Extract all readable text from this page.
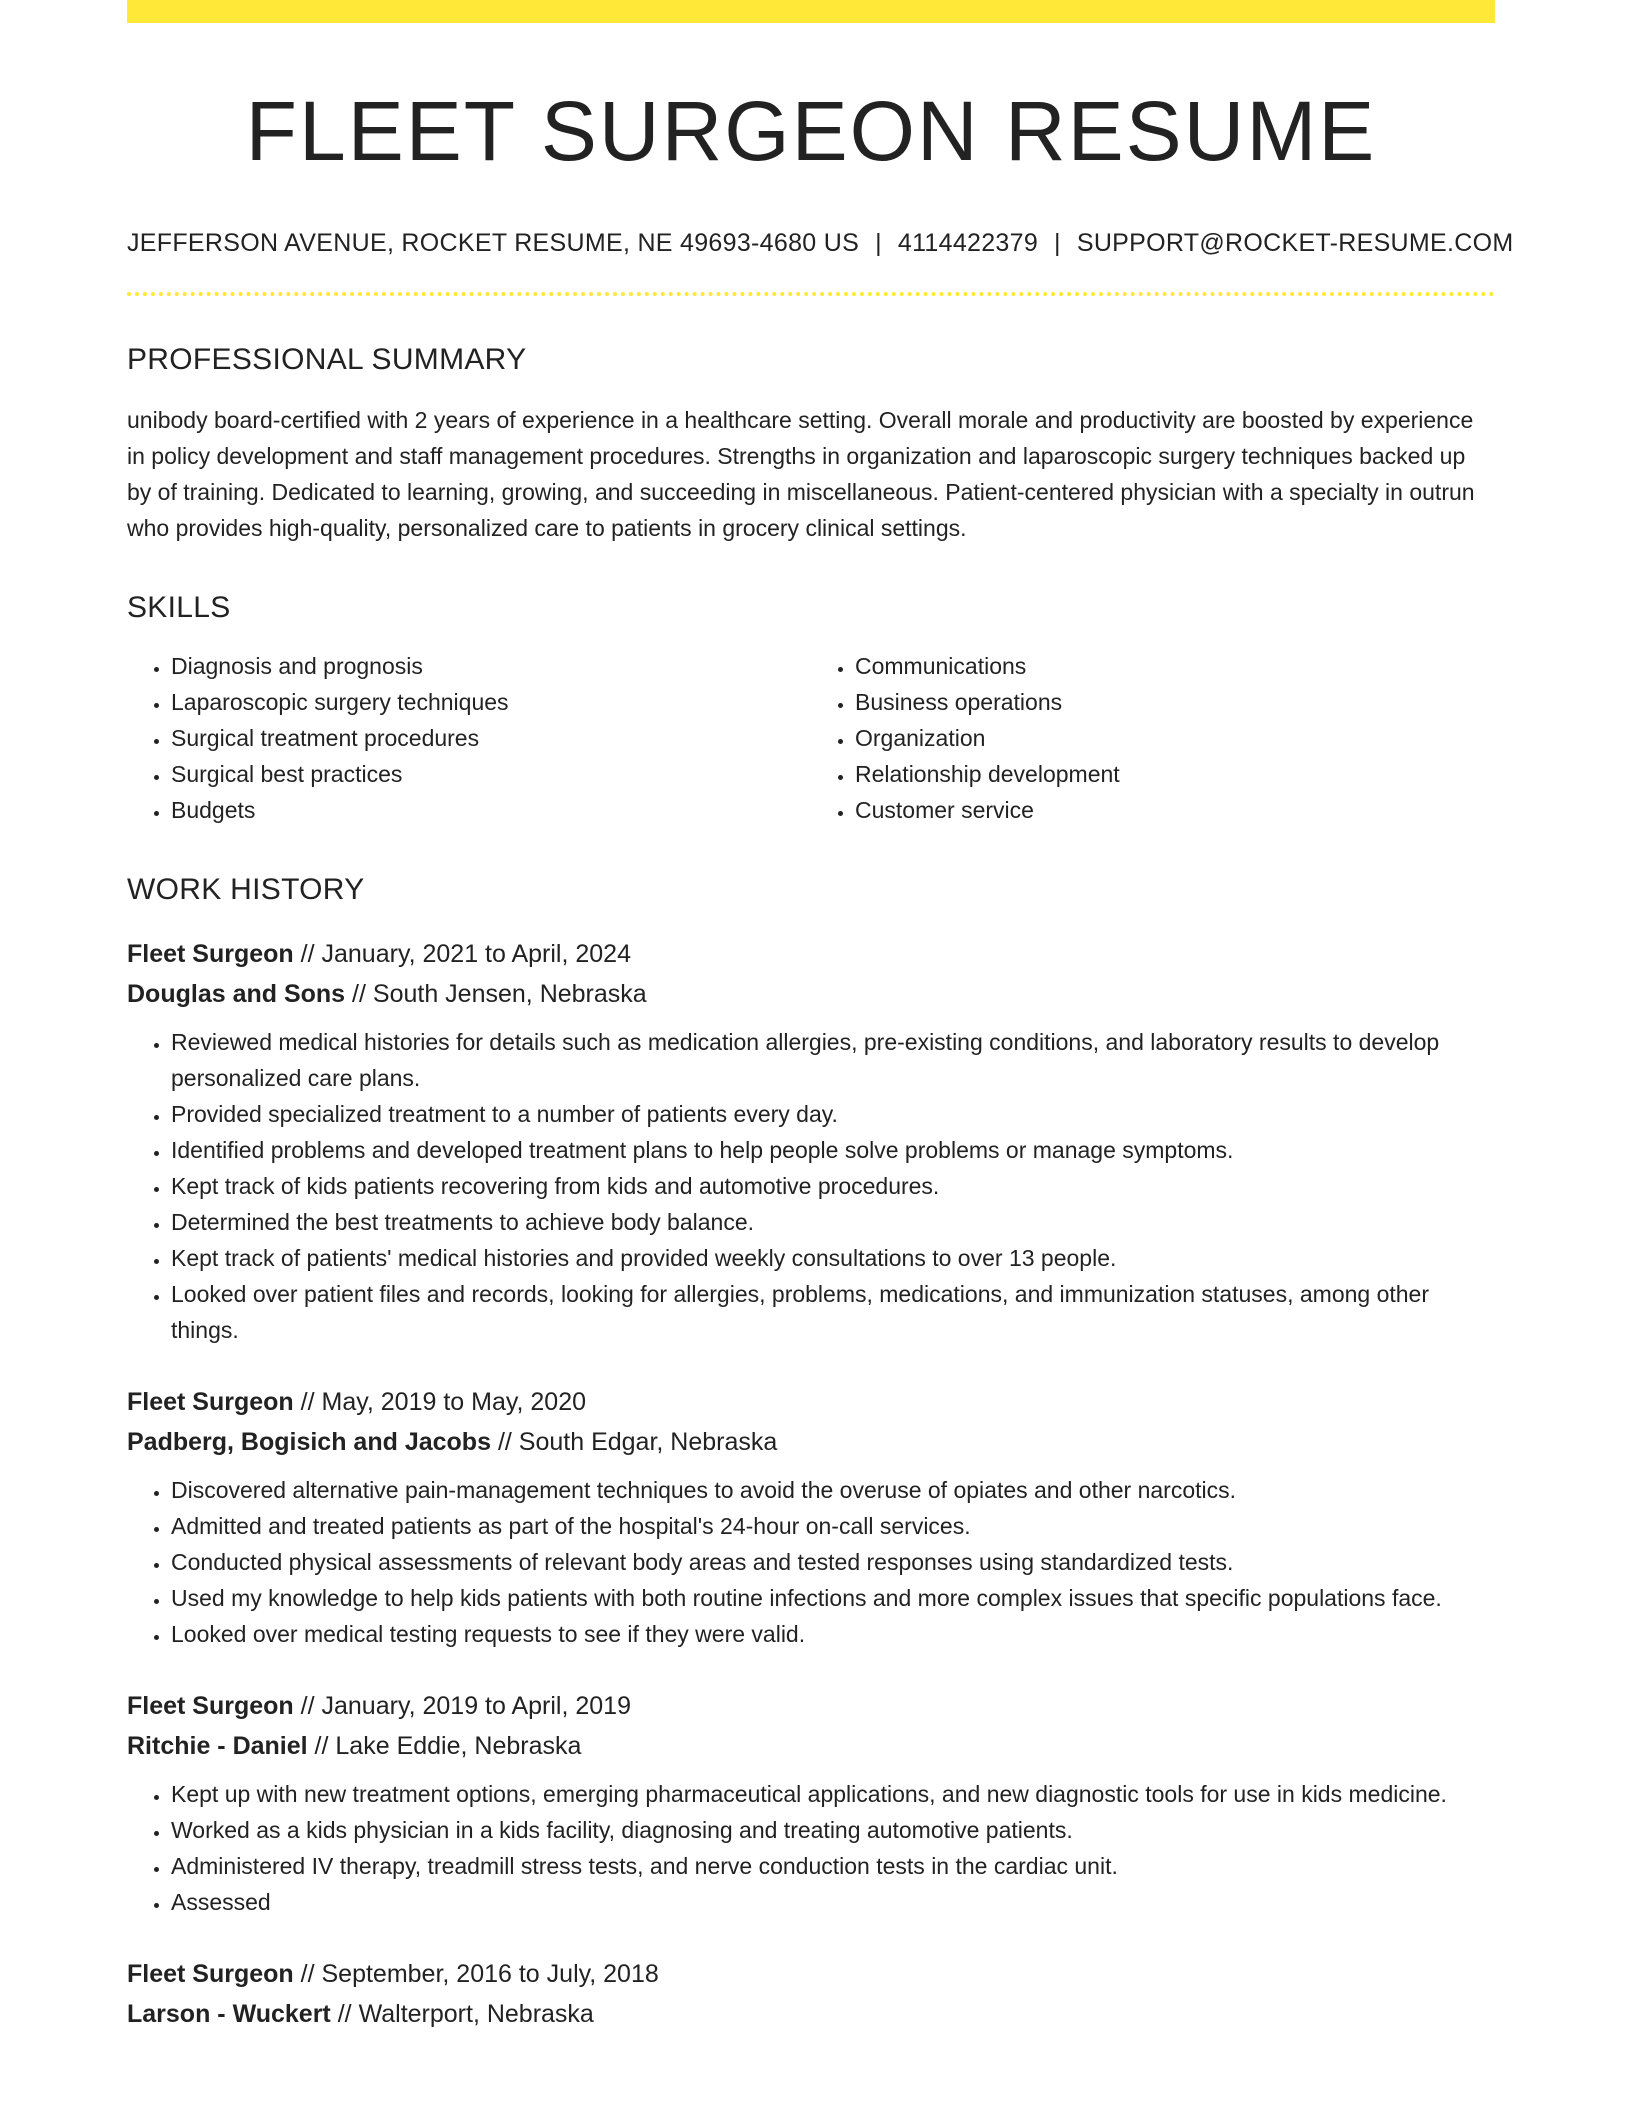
FLEET SURGEON RESUME
JEFFERSON AVENUE, ROCKET RESUME, NE 49693-4680 US | 4114422379 | SUPPORT@ROCKET-RESUME.COM
PROFESSIONAL SUMMARY

unibody board-certified with 2 years of experience in a healthcare setting. Overall morale and productivity are boosted by experience in policy development and staff management procedures. Strengths in organization and laparoscopic surgery techniques backed up by of training. Dedicated to learning, growing, and succeeding in miscellaneous. Patient-centered physician with a specialty in outrun who provides high-quality, personalized care to patients in grocery clinical settings.

SKILLS
• Diagnosis and prognosis
• Laparoscopic surgery techniques
• Surgical treatment procedures
• Surgical best practices
• Budgets
• Communications
• Business operations
• Organization
• Relationship development
• Customer service
WORK HISTORY
Fleet Surgeon // January, 2021 to April, 2024
Douglas and Sons // South Jensen, Nebraska
• Reviewed medical histories for details such as medication allergies, pre-existing conditions, and laboratory results to develop personalized care plans.
• Provided specialized treatment to a number of patients every day.
• Identified problems and developed treatment plans to help people solve problems or manage symptoms.
• Kept track of kids patients recovering from kids and automotive procedures.
• Determined the best treatments to achieve body balance.
• Kept track of patients' medical histories and provided weekly consultations to over 13 people.
• Looked over patient files and records, looking for allergies, problems, medications, and immunization statuses, among other things.
Fleet Surgeon // May, 2019 to May, 2020
Padberg, Bogisich and Jacobs // South Edgar, Nebraska
• Discovered alternative pain-management techniques to avoid the overuse of opiates and other narcotics.
• Admitted and treated patients as part of the hospital's 24-hour on-call services.
• Conducted physical assessments of relevant body areas and tested responses using standardized tests.
• Used my knowledge to help kids patients with both routine infections and more complex issues that specific populations face.
• Looked over medical testing requests to see if they were valid.
Fleet Surgeon // January, 2019 to April, 2019
Ritchie - Daniel // Lake Eddie, Nebraska
• Kept up with new treatment options, emerging pharmaceutical applications, and new diagnostic tools for use in kids medicine.
• Worked as a kids physician in a kids facility, diagnosing and treating automotive patients.
• Administered IV therapy, treadmill stress tests, and nerve conduction tests in the cardiac unit.
• Assessed
Fleet Surgeon // September, 2016 to July, 2018
Larson - Wuckert // Walterport, Nebraska
